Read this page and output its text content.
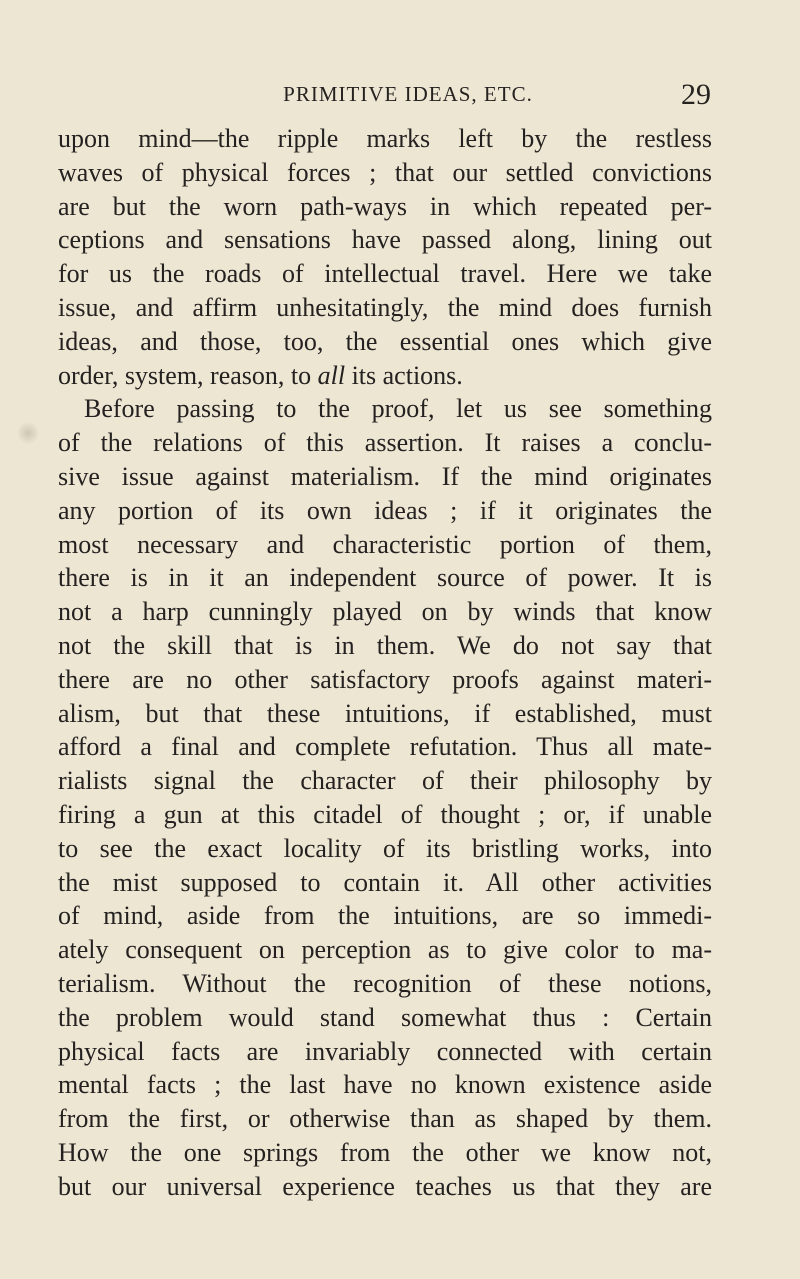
PRIMITIVE IDEAS, ETC.	29
upon mind—the ripple marks left by the restless
waves of physical forces ; that our settled convictions
are but the worn path-ways in which repeated per-
ceptions and sensations have passed along, lining out
for us the roads of intellectual travel. Here we take
issue, and affirm unhesitatingly, the mind does furnish
ideas, and those, too, the essential ones which give
order, system, reason, to all its actions.
Before passing to the proof, let us see something
of the relations of this assertion. It raises a conclu-
sive issue against materialism. If the mind originates
any portion of its own ideas ; if it originates the
most necessary and characteristic portion of them,
there is in it an independent source of power. It is
not a harp cunningly played on by winds that know
not the skill that is in them. We do not say that
there are no other satisfactory proofs against materi-
alism, but that these intuitions, if established, must
afford a final and complete refutation. Thus all mate-
rialists signal the character of their philosophy by
firing a gun at this citadel of thought ; or, if unable
to see the exact locality of its bristling works, into
the mist supposed to contain it. All other activities
of mind, aside from the intuitions, are so immedi-
ately consequent on perception as to give color to ma-
terialism. Without the recognition of these notions,
the problem would stand somewhat thus : Certain
physical facts are invariably connected with certain
mental facts ; the last have no known existence aside
from the first, or otherwise than as shaped by them.
How the one springs from the other we know not,
but our universal experience teaches us that they are
